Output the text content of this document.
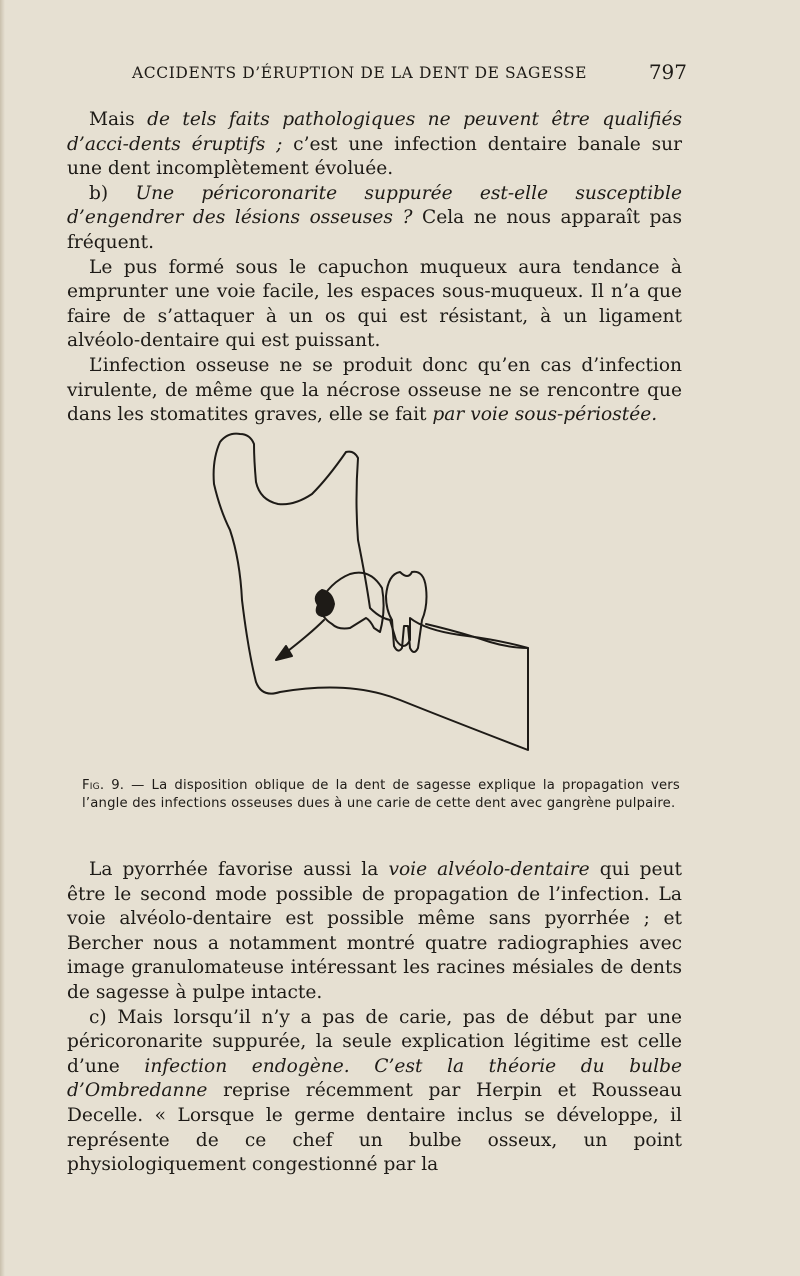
ACCIDENTS D’ÉRUPTION DE LA DENT DE SAGESSE	797

Mais de tels faits pathologiques ne peuvent être qualifiés d’acci-dents éruptifs ; c’est une infection dentaire banale sur une dent incomplètement évoluée.

b) Une péricoronarite suppurée est-elle susceptible d’engendrer des lésions osseuses ? Cela ne nous apparaît pas fréquent.

Le pus formé sous le capuchon muqueux aura tendance à emprunter une voie facile, les espaces sous-muqueux. Il n’a que faire de s’attaquer à un os qui est résistant, à un ligament alvéolo-dentaire qui est puissant.

L’infection osseuse ne se produit donc qu’en cas d’infection virulente, de même que la nécrose osseuse ne se rencontre que dans les stomatites graves, elle se fait par voie sous-périostée.

Fig. 9. — La disposition oblique de la dent de sagesse explique la propagation vers l’angle des infections osseuses dues à une carie de cette dent avec gangrène pulpaire.

La pyorrhée favorise aussi la voie alvéolo-dentaire qui peut être le second mode possible de propagation de l’infection. La voie alvéolo-dentaire est possible même sans pyorrhée ; et Bercher nous a notamment montré quatre radiographies avec image granulomateuse intéressant les racines mésiales de dents de sagesse à pulpe intacte.

c) Mais lorsqu’il n’y a pas de carie, pas de début par une péricoronarite suppurée, la seule explication légitime est celle d’une infection endogène. C’est la théorie du bulbe d’Ombredanne reprise récemment par Herpin et Rousseau Decelle. « Lorsque le germe dentaire inclus se développe, il représente de ce chef un bulbe osseux, un point physiologiquement congestionné par la
